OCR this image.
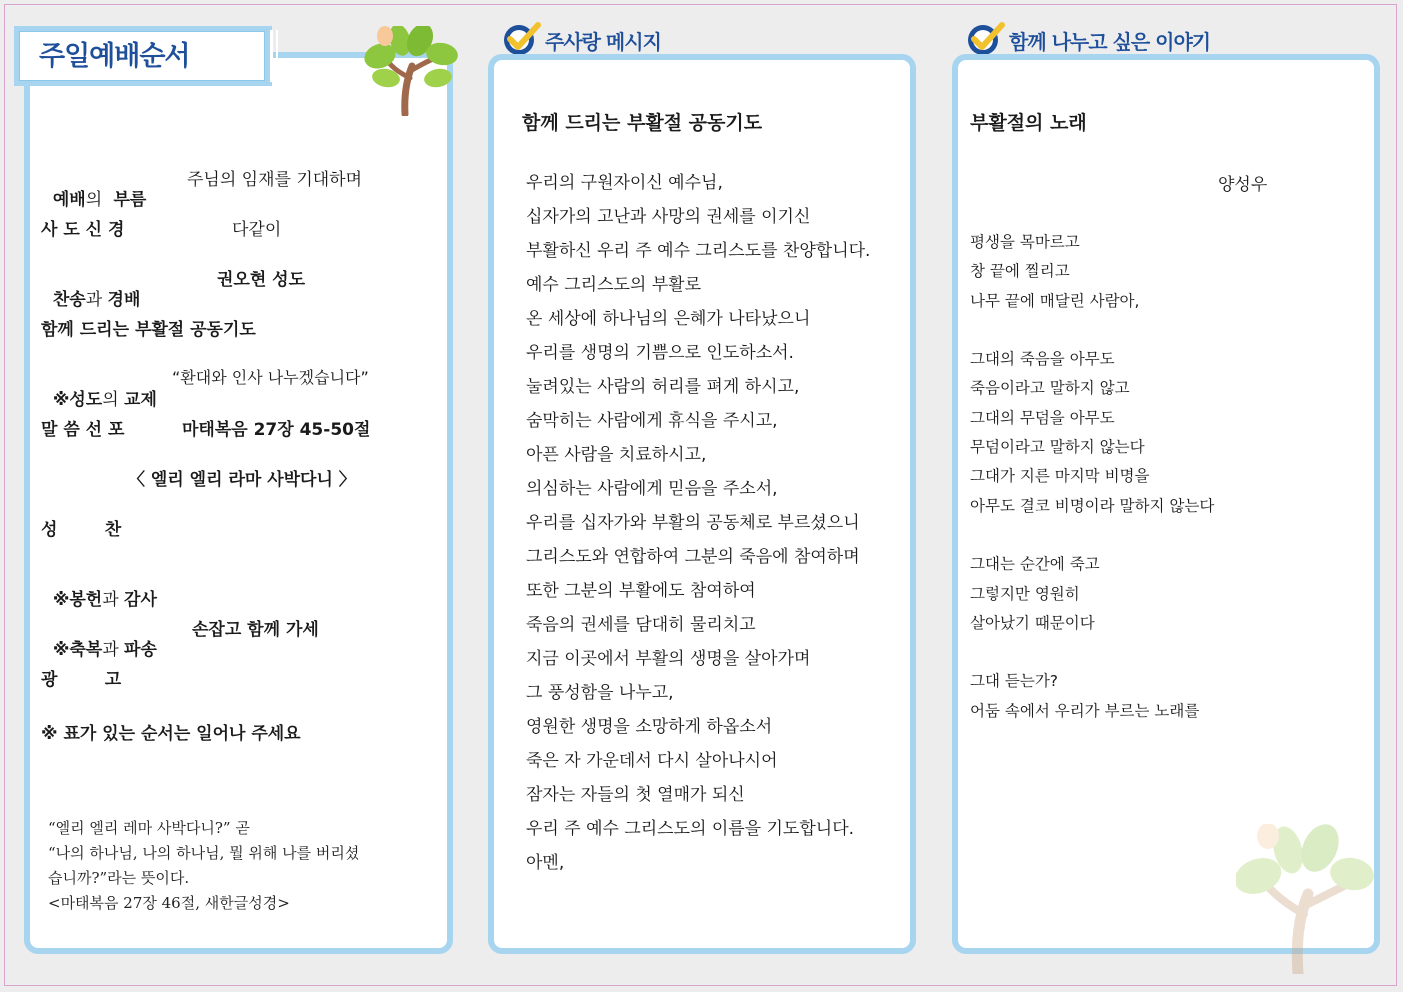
주일예배순서

예배의  부름

주님의 임재를 기대하며
사 도 신 경	다같이

찬송과 경배

권오현 성도
함께 드리는 부활절 공동기도

※성도의 교제

“환대와 인사 나누겠습니다”
말 씀 선 포	마태복음 27장 45-50절
〈 엘리 엘리 라마 사박다니 〉
성        찬

※봉헌과 감사

※축복과 파송

손잡고 함께 가세
광        고
※ 표가 있는 순서는 일어나 주세요
“엘리 엘리 레마 사박다니?” 곧
“나의 하나님, 나의 하나님, 뭘 위해 나를 버리셨
습니까?”라는 뜻이다.
<마태복음 27장 46절, 새한글성경>
주사랑 메시지
함께 드리는 부활절 공동기도
우리의 구원자이신 예수님,
십자가의 고난과 사망의 권세를 이기신
부활하신 우리 주 예수 그리스도를 찬양합니다.
예수 그리스도의 부활로
온 세상에 하나님의 은혜가 나타났으니
우리를 생명의 기쁨으로 인도하소서.
눌려있는 사람의 허리를 펴게 하시고,
숨막히는 사람에게 휴식을 주시고,
아픈 사람을 치료하시고,
의심하는 사람에게 믿음을 주소서,
우리를 십자가와 부활의 공동체로 부르셨으니
그리스도와 연합하여 그분의 죽음에 참여하며
또한 그분의 부활에도 참여하여
죽음의 권세를 담대히 물리치고
지금 이곳에서 부활의 생명을 살아가며
그 풍성함을 나누고,
영원한 생명을 소망하게 하옵소서
죽은 자 가운데서 다시 살아나시어
잠자는 자들의 첫 열매가 되신
우리 주 예수 그리스도의 이름을 기도합니다.
아멘,
함께 나누고 싶은 이야기
부활절의 노래
양성우
평생을 목마르고
창 끝에 찔리고
나무 끝에 매달린 사람아,
그대의 죽음을 아무도
죽음이라고 말하지 않고
그대의 무덤을 아무도
무덤이라고 말하지 않는다
그대가 지른 마지막 비명을
아무도 결코 비명이라 말하지 않는다
그대는 순간에 죽고
그렇지만 영원히
살아났기 때문이다
그대 듣는가?
어둠 속에서 우리가 부르는 노래를
